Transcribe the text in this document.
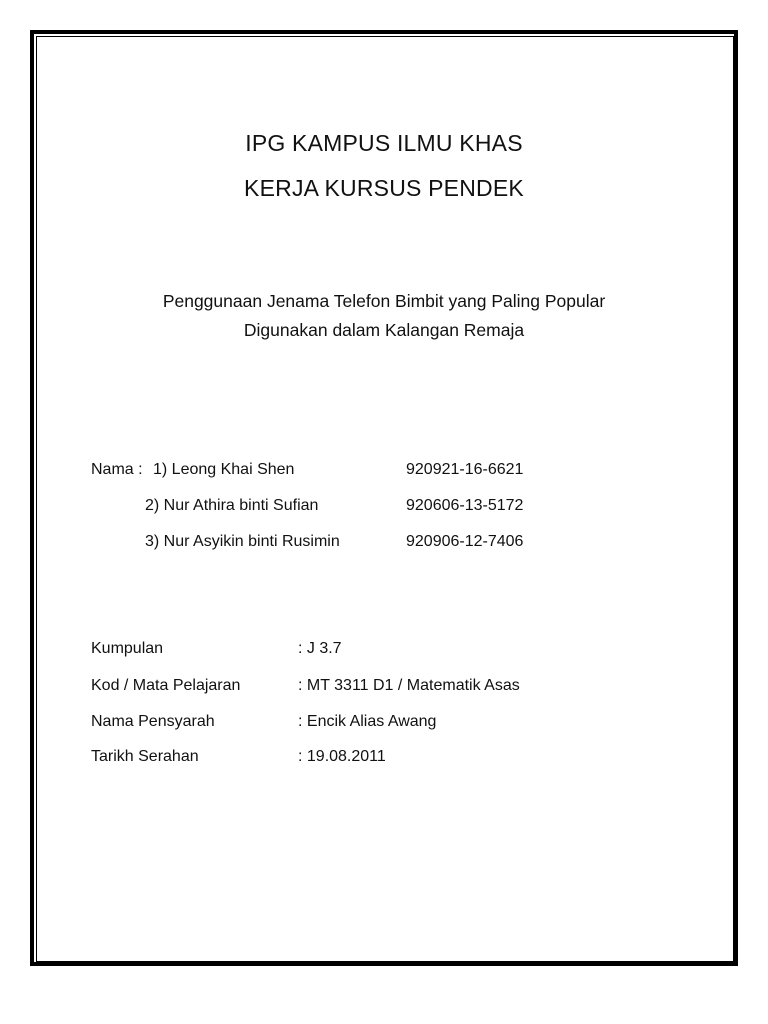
IPG KAMPUS ILMU KHAS
KERJA KURSUS PENDEK
Penggunaan Jenama Telefon Bimbit yang Paling Popular
Digunakan dalam Kalangan Remaja
Nama : 1) Leong Khai Shen	920921-16-6621
2) Nur Athira binti Sufian	920606-13-5172
3) Nur Asyikin binti Rusimin	920906-12-7406
Kumpulan	: J 3.7
Kod / Mata Pelajaran	: MT 3311 D1 / Matematik Asas
Nama Pensyarah	: Encik Alias Awang
Tarikh Serahan	: 19.08.2011
